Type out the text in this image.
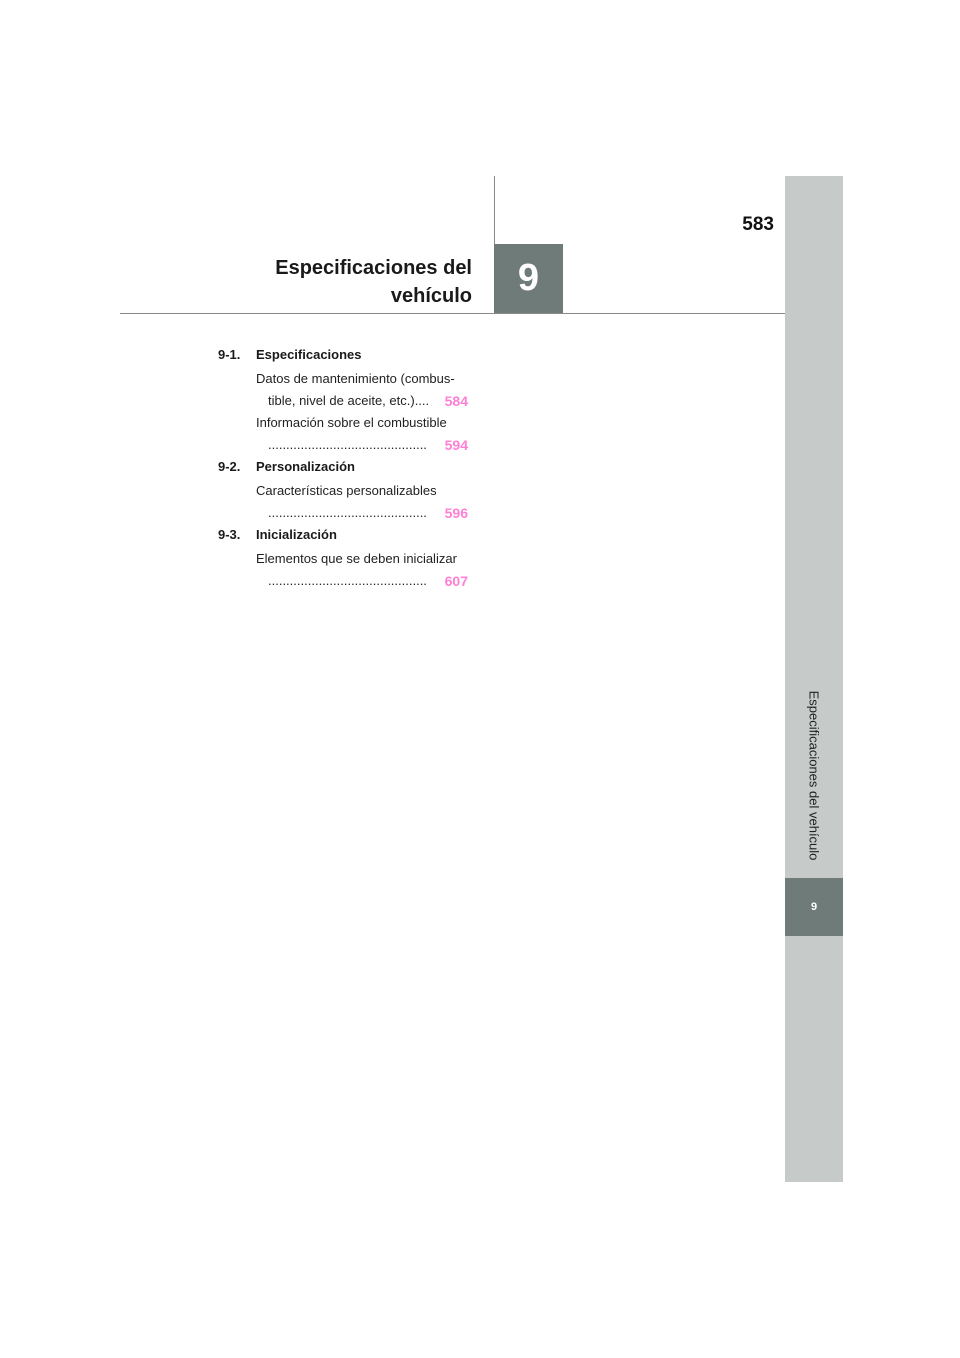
Especificaciones del vehículo
9
583
Especificaciones del
vehículo	9
9-1. Especificaciones
Datos de mantenimiento (combus-
tible, nivel de aceite, etc.).... 584
Información sobre el combustible
............................................ 594
9-2. Personalización
Características personalizables
............................................ 596
9-3. Inicialización
Elementos que se deben inicializar
............................................ 607
